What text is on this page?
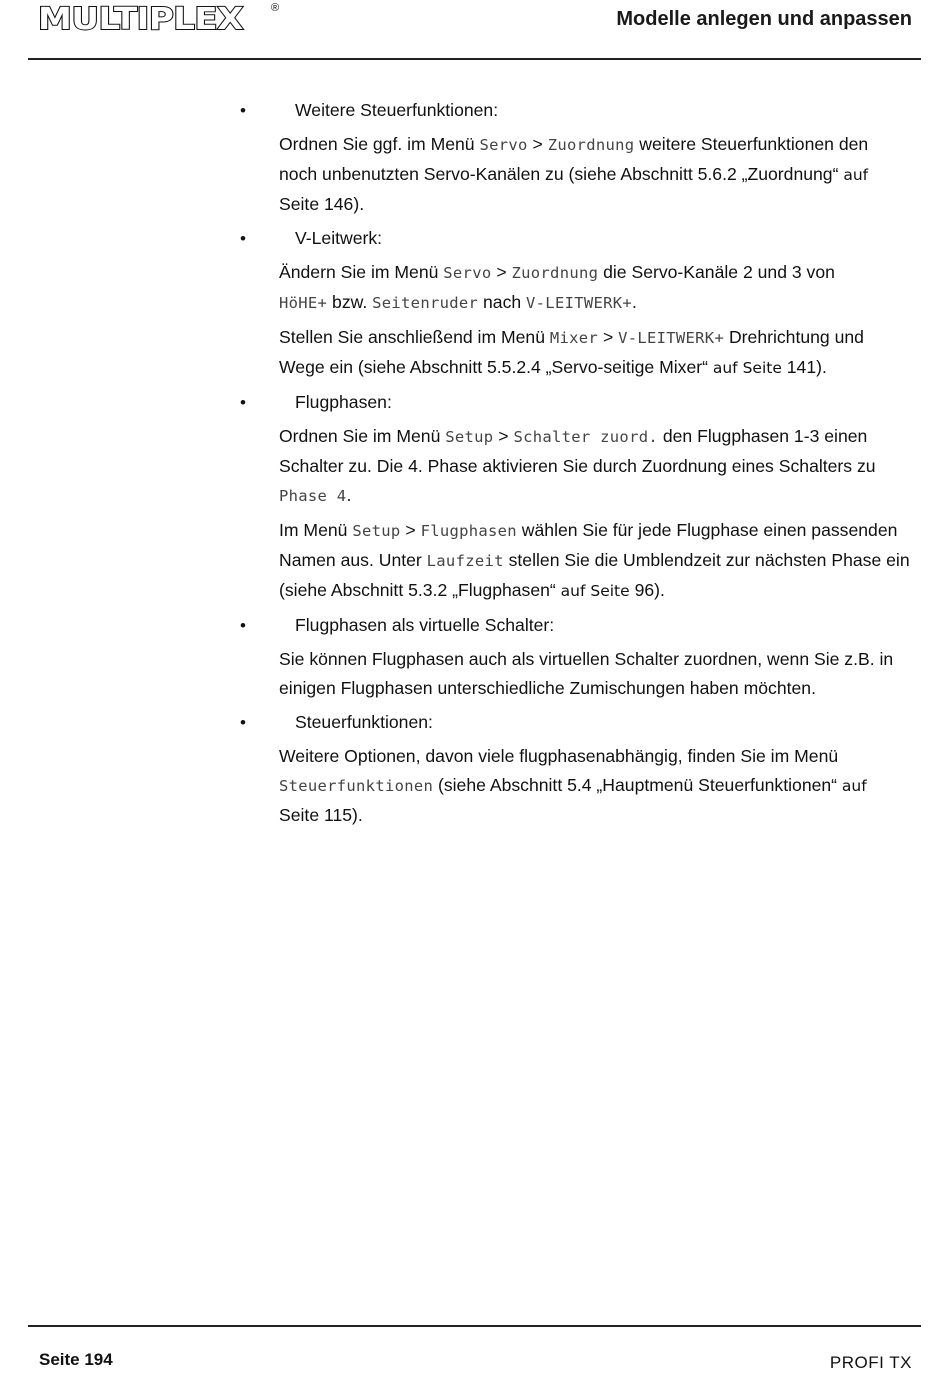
MULTIPLEX	®	Modelle anlegen und anpassen
•	Weitere Steuerfunktionen:

Ordnen Sie ggf. im Menü Servo > Zuordnung weitere Steuerfunktionen den noch unbenutzten Servo-Kanälen zu (siehe Abschnitt 5.6.2 „Zuordnung“ auf
Seite 146).

•	V-Leitwerk:

Ändern Sie im Menü Servo > Zuordnung die Servo-Kanäle 2 und 3 von
HöHE+ bzw. Seitenruder nach V-LEITWERK+.

Stellen Sie anschließend im Menü Mixer > V-LEITWERK+ Drehrichtung und Wege ein (siehe Abschnitt 5.5.2.4 „Servo-seitige Mixer“ auf Seite 141).

•	Flugphasen:

Ordnen Sie im Menü Setup > Schalter zuord. den Flugphasen 1-3 einen Schalter zu. Die 4. Phase aktivieren Sie durch Zuordnung eines Schalters zu Phase 4.

Im Menü Setup > Flugphasen wählen Sie für jede Flugphase einen passenden Namen aus. Unter Laufzeit stellen Sie die Umblendzeit zur nächsten Phase ein (siehe Abschnitt 5.3.2 „Flugphasen“ auf Seite 96).

•	Flugphasen als virtuelle Schalter:

Sie können Flugphasen auch als virtuellen Schalter zuordnen, wenn Sie z.B. in einigen Flugphasen unterschiedliche Zumischungen haben möchten.

•	Steuerfunktionen:

Weitere Optionen, davon viele flugphasenabhängig, finden Sie im Menü
Steuerfunktionen (siehe Abschnitt 5.4 „Hauptmenü Steuerfunktionen“ auf
Seite 115).

Seite 194	PROFI TX
